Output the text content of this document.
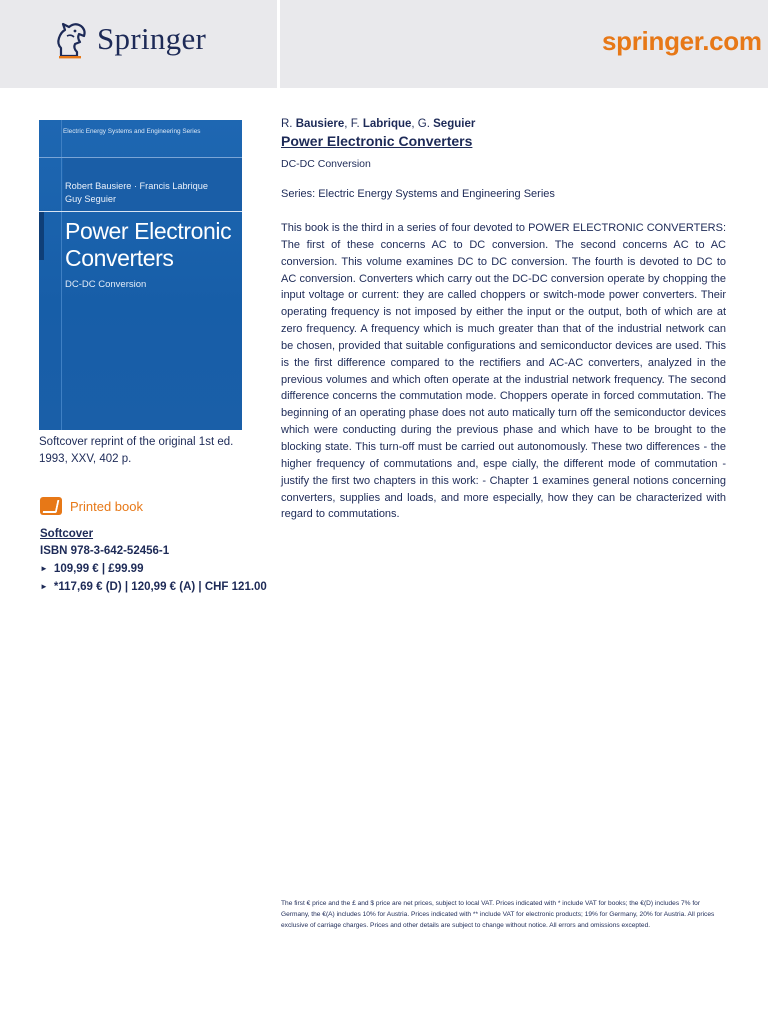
Springer	springer.com
Electric Energy Systems and Engineering Series
Robert Bausiere · Francis Labrique
Guy Seguier
Power Electronic
Converters
DC-DC Conversion
Softcover reprint of the original 1st ed. 1993, XXV, 402 p.
Printed book
Softcover
ISBN 978-3-642-52456-1
► 109,99 € | £99.99
► *117,69 € (D) | 120,99 € (A) | CHF 121.00
R. Bausiere, F. Labrique, G. Seguier
Power Electronic Converters
DC-DC Conversion
Series: Electric Energy Systems and Engineering Series
This book is the third in a series of four devoted to POWER ELECTRONIC CONVERTERS: The first of these concerns AC to DC conversion. The second concerns AC to AC conversion. This volume examines DC to DC conversion. The fourth is devoted to DC to AC conversion. Converters which carry out the DC-DC conversion operate by chopping the input voltage or current: they are called choppers or switch-mode power converters. Their operating frequency is not imposed by either the input or the output, both of which are at zero frequency. A frequency which is much greater than that of the industrial network can be chosen, provided that suitable configurations and semiconductor devices are used. This is the first difference compared to the rectifiers and AC-AC converters, analyzed in the previous volumes and which often operate at the industrial network frequency. The second difference concerns the commutation mode. Choppers operate in forced commutation. The beginning of an operating phase does not auto matically turn off the semiconductor devices which were conducting during the previous phase and which have to be brought to the blocking state. This turn-off must be carried out autonomously. These two differences - the higher frequency of commutations and, espe cially, the different mode of commutation -justify the first two chapters in this work: - Chapter 1 examines general notions concerning converters, supplies and loads, and more especially, how they can be characterized with regard to commutations.
The first € price and the £ and $ price are net prices, subject to local VAT. Prices indicated with * include VAT for books; the €(D) includes 7% for Germany, the €(A) includes 10% for Austria. Prices indicated with ** include VAT for electronic products; 19% for Germany, 20% for Austria. All prices exclusive of carriage charges. Prices and other details are subject to change without notice. All errors and omissions excepted.
